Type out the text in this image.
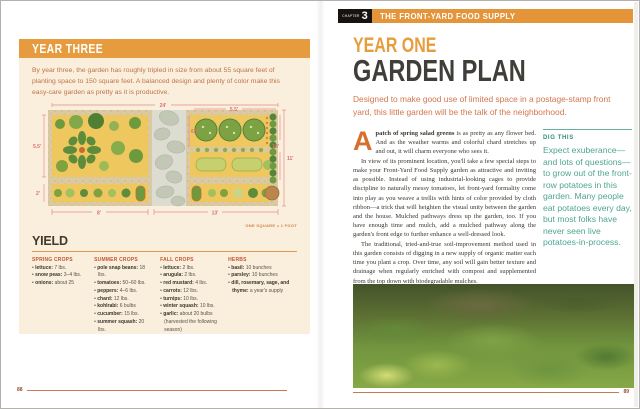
YEAR THREE

By year three, the garden has roughly tripled in size from about 55 square feet of planting space to 150 square feet. A balanced design and plenty of color make this easy-care garden as pretty as it is productive.

24'
5.5'
6.5'
5.5'
11'
10'
2'
8'	13'
ONE SQUARE = 1 FOOT
YIELD
SPRING CROPS
• lettuce: 7 lbs.
• snow peas: 3–4 lbs.
• onions: about 25
SUMMER CROPS
• pole snap beans: 18 lbs.
• tomatoes: 50–60 lbs.
• peppers: 4–6 lbs.
• chard: 12 lbs.
• kohlrabi: 6 bulbs
• cucumber: 15 lbs.
• summer squash: 20 lbs.
FALL CROPS
• lettuce: 2 lbs.
• arugula: 2 lbs.
• red mustard: 4 lbs.
• carrots: 12 lbs.
• turnips: 10 lbs.
• winter squash: 10 lbs.
• garlic: about 20 bulbs (harvested the following season)
HERBS
• basil: 10 bunches
• parsley: 10 bunches
• dill, rosemary, sage, and thyme: a year's supply
88
CHAPTER 3 THE FRONT-YARD FOOD SUPPLY
YEAR ONE
GARDEN PLAN

Designed to make good use of limited space in a postage-stamp front yard, this little garden will be the talk of the neighborhood.

Apatch of spring salad greens is as pretty as any flower bed. And as the weather warms and colorful chard stretches up and out, it will charm everyone who sees it.

In view of its prominent location, you'll take a few special steps to make your Front-Yard Food Supply garden as attractive and inviting as possible. Instead of using industrial-looking cages to provide discipline to naturally messy tomatoes, let front-yard formality come into play as you weave a trellis with hints of color provided by cloth ribbon—a trick that will heighten the visual unity between the garden and the house. Mulched pathways dress up the garden, too. If you have enough time and mulch, add a mulched pathway along the garden's front edge to further enhance a well-dressed look.

The traditional, tried-and-true soil-improvement method used in this garden consists of digging in a new supply of organic matter each time you plant a crop. Over time, any soil will gain better texture and drainage when regularly enriched with compost and supplemented from the top down with biodegradable mulches.

DIG THIS

Expect exuberance—and lots of questions—to grow out of the front-row potatoes in this garden. Many people eat potatoes every day, but most folks have never seen live potatoes-in-process.

89
